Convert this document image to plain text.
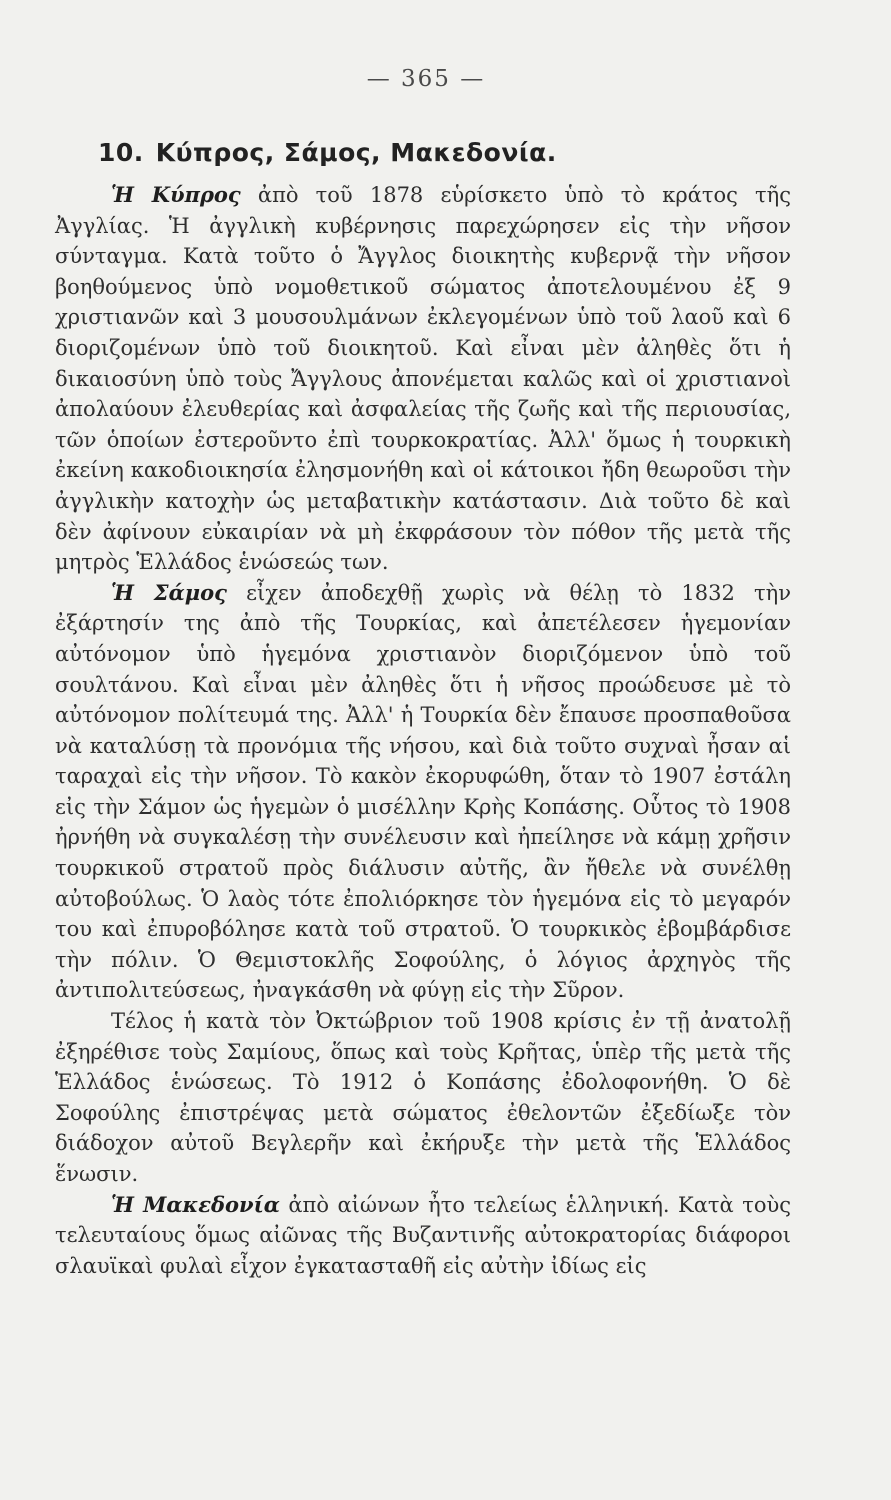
— 365 —
10. Κύπρος, Σάμος, Μακεδονία.

Ἡ Κύπρος ἀπὸ τοῦ 1878 εὑρίσκετο ὑπὸ τὸ κράτος τῆς Ἀγγλίας. Ἡ ἀγγλικὴ κυβέρνησις παρεχώρησεν εἰς τὴν νῆσον σύνταγμα. Κατὰ τοῦτο ὁ Ἄγγλος διοικητὴς κυβερνᾷ τὴν νῆσον βοηθούμενος ὑπὸ νομοθετικοῦ σώματος ἀποτελουμένου ἐξ 9 χριστιανῶν καὶ 3 μουσουλμάνων ἐκλεγομένων ὑπὸ τοῦ λαοῦ καὶ 6 διοριζομένων ὑπὸ τοῦ διοικητοῦ. Καὶ εἶναι μὲν ἀληθὲς ὅτι ἡ δικαιοσύνη ὑπὸ τοὺς Ἄγγλους ἀπονέμεται καλῶς καὶ οἱ χριστιανοὶ ἀπολαύουν ἐλευθερίας καὶ ἀσφαλείας τῆς ζωῆς καὶ τῆς περιουσίας, τῶν ὁποίων ἐστεροῦντο ἐπὶ τουρκοκρατίας. Ἀλλ' ὅμως ἡ τουρκικὴ ἐκείνη κακοδιοικησία ἐλησμονήθη καὶ οἱ κάτοικοι ἤδη θεωροῦσι τὴν ἀγγλικὴν κατοχὴν ὡς μεταβατικὴν κατάστασιν. Διὰ τοῦτο δὲ καὶ δὲν ἀφίνουν εὐκαιρίαν νὰ μὴ ἐκφράσουν τὸν πόθον τῆς μετὰ τῆς μητρὸς Ἑλλάδος ἑνώσεώς των.

Ἡ Σάμος εἶχεν ἀποδεχθῇ χωρὶς νὰ θέλῃ τὸ 1832 τὴν ἐξάρτησίν της ἀπὸ τῆς Τουρκίας, καὶ ἀπετέλεσεν ἡγεμονίαν αὐτόνομον ὑπὸ ἡγεμόνα χριστιανὸν διοριζόμενον ὑπὸ τοῦ σουλτάνου. Καὶ εἶναι μὲν ἀληθὲς ὅτι ἡ νῆσος προώδευσε μὲ τὸ αὐτόνομον πολίτευμά της. Ἀλλ' ἡ Τουρκία δὲν ἔπαυσε προσπαθοῦσα νὰ καταλύσῃ τὰ προνόμια τῆς νήσου, καὶ διὰ τοῦτο συχναὶ ἦσαν αἱ ταραχαὶ εἰς τὴν νῆσον. Τὸ κακὸν ἐκορυφώθη, ὅταν τὸ 1907 ἐστάλη εἰς τὴν Σάμον ὡς ἡγεμὼν ὁ μισέλλην Κρὴς Κοπάσης. Οὗτος τὸ 1908 ἠρνήθη νὰ συγκαλέσῃ τὴν συνέλευσιν καὶ ἠπείλησε νὰ κάμῃ χρῆσιν τουρκικοῦ στρατοῦ πρὸς διάλυσιν αὐτῆς, ἂν ἤθελε νὰ συνέλθῃ αὐτοβούλως. Ὁ λαὸς τότε ἐπολιόρκησε τὸν ἡγεμόνα εἰς τὸ μεγαρόν του καὶ ἐπυροβόλησε κατὰ τοῦ στρατοῦ. Ὁ τουρκικὸς ἐβομβάρδισε τὴν πόλιν. Ὁ Θεμιστοκλῆς Σοφούλης, ὁ λόγιος ἀρχηγὸς τῆς ἀντιπολιτεύσεως, ἠναγκάσθη νὰ φύγῃ εἰς τὴν Σῦρον.

Τέλος ἡ κατὰ τὸν Ὀκτώβριον τοῦ 1908 κρίσις ἐν τῇ ἀνατολῇ ἐξηρέθισε τοὺς Σαμίους, ὅπως καὶ τοὺς Κρῆτας, ὑπὲρ τῆς μετὰ τῆς Ἑλλάδος ἑνώσεως. Τὸ 1912 ὁ Κοπάσης ἐδολοφονήθη. Ὁ δὲ Σοφούλης ἐπιστρέψας μετὰ σώματος ἐθελοντῶν ἐξεδίωξε τὸν διάδοχον αὐτοῦ Βεγλερῆν καὶ ἐκήρυξε τὴν μετὰ τῆς Ἑλλάδος ἕνωσιν.

Ἡ Μακεδονία ἀπὸ αἰώνων ἦτο τελείως ἑλληνική. Κατὰ τοὺς τελευταίους ὅμως αἰῶνας τῆς Βυζαντινῆς αὐτοκρατορίας διάφοροι σλαυϊκαὶ φυλαὶ εἶχον ἐγκατασταθῆ εἰς αὐτὴν ἰδίως εἰς
